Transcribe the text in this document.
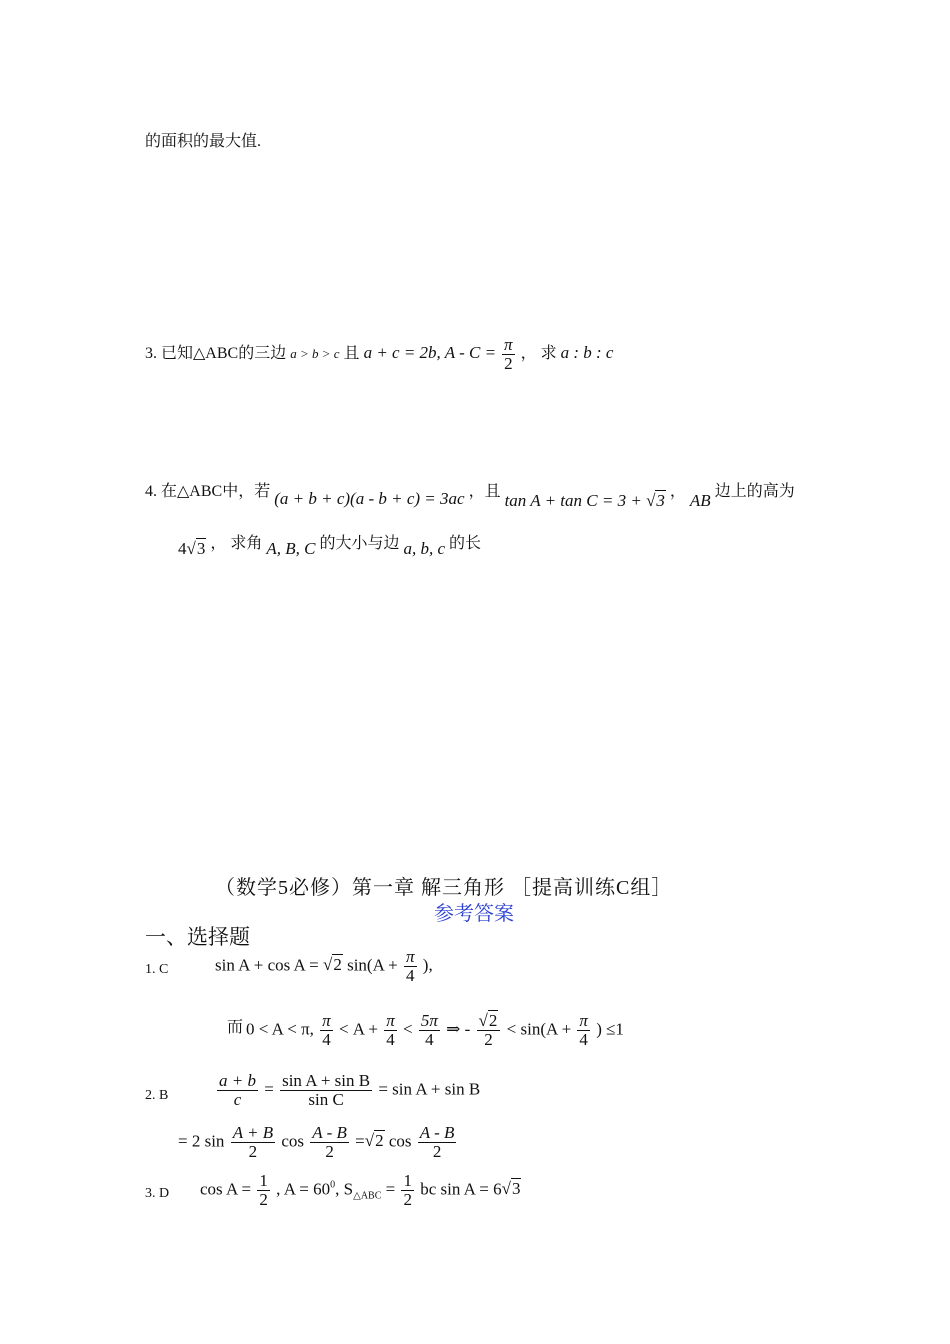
的面积的最大值.
3. 已知△ABC的三边 a > b > c 且 a + c = 2b, $A - C = \frac{\pi}{2}$ ， 求 a : b : c
4. 在△ABC中，若 (a + b + c)(a - b + c) = 3ac ，且 tan A + tan C = 3 + √3 ， AB 边上的高为
4√3 ， 求角 A, B, C 的大小与边 a, b, c 的长
（数学5必修）第一章 解三角形 ［提高训练C组］
参考答案
一、选择题
1. C	sin A + cos A = √2 $\sin(A + \frac{\pi}{4}$ ),
而 0 < A < π, $\frac{\pi}{4} < A + \frac{\pi}{4} < \frac{5\pi}{4}$ ⇒ - $\frac{√2}{2} < \sin(A + \frac{\pi}{4}$ ) ≤1
2. B	$\frac{a + b}{c} = \frac{\text{sin A + sin B}}{\text{sin C}} = \sin A + \sin B$
= 2 $\sin \frac{A + B}{2}$ $\cos \frac{A - B}{2} =√2$ $\cos \frac{A - B}{2}$
3. D $\cos A = \frac{1}{2}$ , $A = 60^0$, $S_{\triangle ABC} = \frac{1}{2}$ bc sin A = 6√3
